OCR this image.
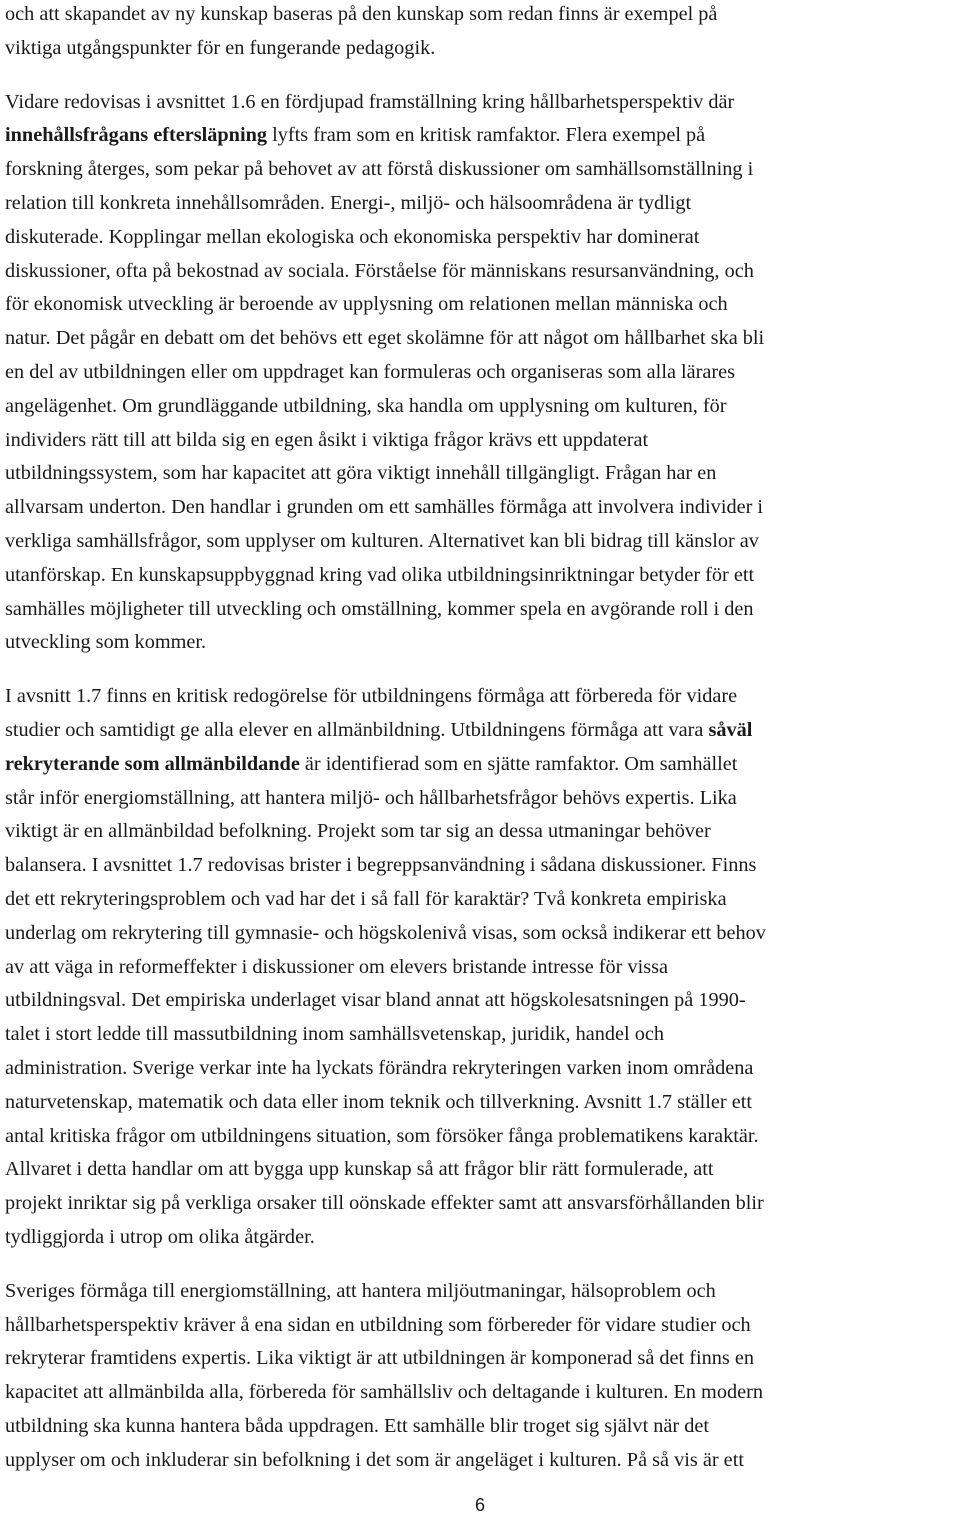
och att skapandet av ny kunskap baseras på den kunskap som redan finns är exempel på
viktiga utgångspunkter för en fungerande pedagogik.
Vidare redovisas i avsnittet 1.6 en fördjupad framställning kring hållbarhetsperspektiv där
innehållsfrågans eftersläpning lyfts fram som en kritisk ramfaktor. Flera exempel på
forskning återges, som pekar på behovet av att förstå diskussioner om samhällsomställning i
relation till konkreta innehållsområden. Energi-, miljö- och hälsoområdena är tydligt
diskuterade. Kopplingar mellan ekologiska och ekonomiska perspektiv har dominerat
diskussioner, ofta på bekostnad av sociala. Förståelse för människans resursanvändning, och
för ekonomisk utveckling är beroende av upplysning om relationen mellan människa och
natur. Det pågår en debatt om det behövs ett eget skolämne för att något om hållbarhet ska bli
en del av utbildningen eller om uppdraget kan formuleras och organiseras som alla lärares
angelägenhet. Om grundläggande utbildning, ska handla om upplysning om kulturen, för
individers rätt till att bilda sig en egen åsikt i viktiga frågor krävs ett uppdaterat
utbildningssystem, som har kapacitet att göra viktigt innehåll tillgängligt. Frågan har en
allvarsam underton. Den handlar i grunden om ett samhälles förmåga att involvera individer i
verkliga samhällsfrågor, som upplyser om kulturen. Alternativet kan bli bidrag till känslor av
utanförskap. En kunskapsuppbyggnad kring vad olika utbildningsinriktningar betyder för ett
samhälles möjligheter till utveckling och omställning, kommer spela en avgörande roll i den
utveckling som kommer.
I avsnitt 1.7 finns en kritisk redogörelse för utbildningens förmåga att förbereda för vidare
studier och samtidigt ge alla elever en allmänbildning. Utbildningens förmåga att vara såväl
rekryterande som allmänbildande är identifierad som en sjätte ramfaktor. Om samhället
står inför energiomställning, att hantera miljö- och hållbarhetsfrågor behövs expertis. Lika
viktigt är en allmänbildad befolkning. Projekt som tar sig an dessa utmaningar behöver
balansera. I avsnittet 1.7 redovisas brister i begreppsanvändning i sådana diskussioner. Finns
det ett rekryteringsproblem och vad har det i så fall för karaktär? Två konkreta empiriska
underlag om rekrytering till gymnasie- och högskolenivå visas, som också indikerar ett behov
av att väga in reformeffekter i diskussioner om elevers bristande intresse för vissa
utbildningsval. Det empiriska underlaget visar bland annat att högskolesatsningen på 1990-
talet i stort ledde till massutbildning inom samhällsvetenskap, juridik, handel och
administration. Sverige verkar inte ha lyckats förändra rekryteringen varken inom områdena
naturvetenskap, matematik och data eller inom teknik och tillverkning. Avsnitt 1.7 ställer ett
antal kritiska frågor om utbildningens situation, som försöker fånga problematikens karaktär.
Allvaret i detta handlar om att bygga upp kunskap så att frågor blir rätt formulerade, att
projekt inriktar sig på verkliga orsaker till oönskade effekter samt att ansvarsförhållanden blir
tydliggjorda i utrop om olika åtgärder.
Sveriges förmåga till energiomställning, att hantera miljöutmaningar, hälsoproblem och
hållbarhetsperspektiv kräver å ena sidan en utbildning som förbereder för vidare studier och
rekryterar framtidens expertis. Lika viktigt är att utbildningen är komponerad så det finns en
kapacitet att allmänbilda alla, förbereda för samhällsliv och deltagande i kulturen. En modern
utbildning ska kunna hantera båda uppdragen. Ett samhälle blir troget sig självt när det
upplyser om och inkluderar sin befolkning i det som är angeläget i kulturen. På så vis är ett
6
